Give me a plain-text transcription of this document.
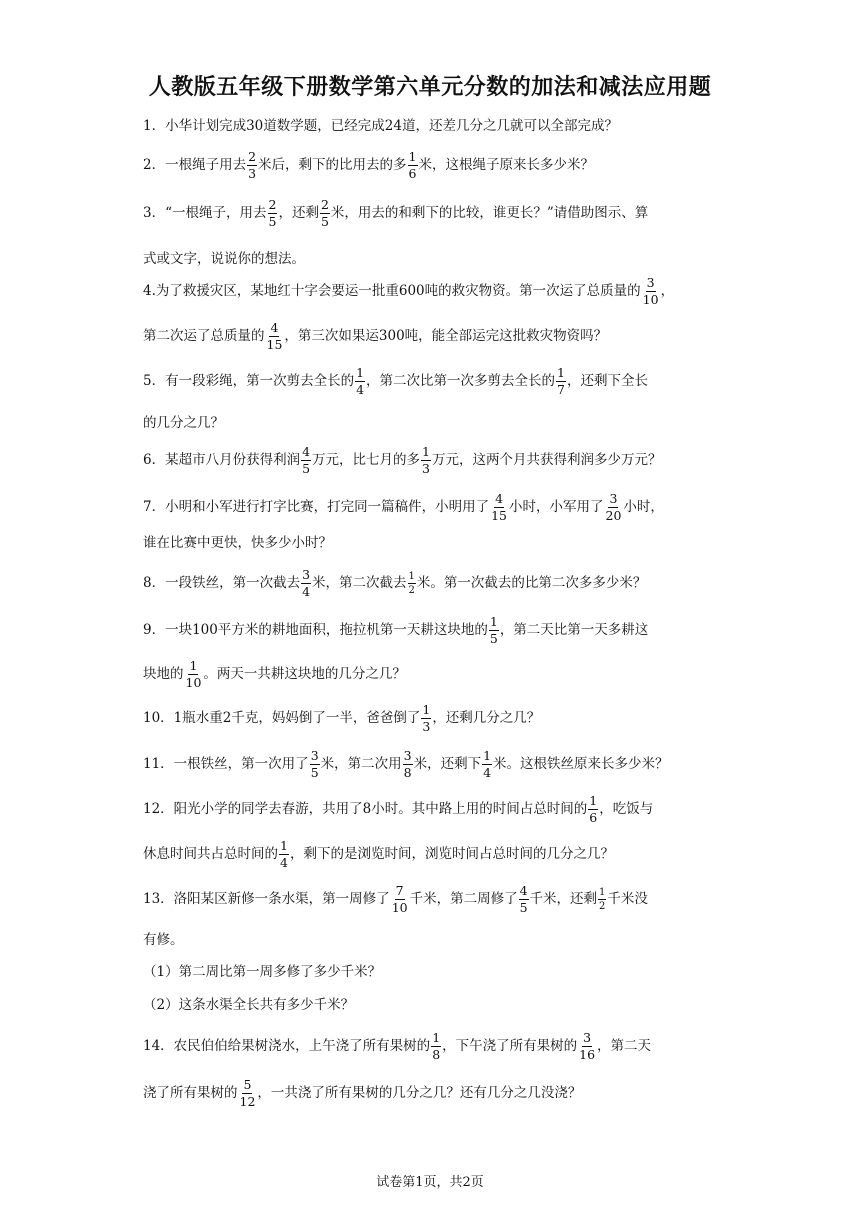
人教版五年级下册数学第六单元分数的加法和减法应用题
1．小华计划完成30道数学题，已经完成24道，还差几分之几就可以全部完成？
2．一根绳子用去 $\frac{2}{3}$ 米后，剩下的比用去的多 $\frac{1}{6}$ 米，这根绳子原来长多少米？
3．“一根绳子，用去 $\frac{2}{5}$ ，还剩 $\frac{2}{5}$ 米，用去的和剩下的比较，谁更长？”请借助图示、算
式或文字，说说你的想法。
4.为了救援灾区，某地红十字会要运一批重600吨的救灾物资。第一次运了总质量的 $\frac{3}{10}$ ，
第二次运了总质量的 $\frac{4}{15}$ ，第三次如果运300吨，能全部运完这批救灾物资吗？
5．有一段彩绳，第一次剪去全长的 $\frac{1}{4}$ ，第二次比第一次多剪去全长的 $\frac{1}{7}$ ，还剩下全长
的几分之几？
6．某超市八月份获得利润 $\frac{4}{5}$ 万元，比七月的多 $\frac{1}{3}$ 万元，这两个月共获得利润多少万元？
7．小明和小军进行打字比赛，打完同一篇稿件，小明用了 $\frac{4}{15}$ 小时，小军用了 $\frac{3}{20}$ 小时，
谁在比赛中更快，快多少小时？
8．一段铁丝，第一次截去 $\frac{3}{4}$ 米，第二次截去 $\frac{1}{2}$ 米。第一次截去的比第二次多多少米？
9．一块100平方米的耕地面积，拖拉机第一天耕这块地的 $\frac{1}{5}$ ，第二天比第一天多耕这
块地的 $\frac{1}{10}$ 。两天一共耕这块地的几分之几？
10．1瓶水重2千克，妈妈倒了一半，爸爸倒了 $\frac{1}{3}$ ，还剩几分之几？
11．一根铁丝，第一次用了 $\frac{3}{5}$ 米，第二次用 $\frac{3}{8}$ 米，还剩下 $\frac{1}{4}$ 米。这根铁丝原来长多少米？
12．阳光小学的同学去春游，共用了8小时。其中路上用的时间占总时间的 $\frac{1}{6}$ ，吃饭与
休息时间共占总时间的 $\frac{1}{4}$ ，剩下的是浏览时间，浏览时间占总时间的几分之几？
13．洛阳某区新修一条水渠，第一周修了 $\frac{7}{10}$ 千米，第二周修了 $\frac{4}{5}$ 千米，还剩 $\frac{1}{2}$ 千米没
有修。
（1）第二周比第一周多修了多少千米？
（2）这条水渠全长共有多少千米？
14．农民伯伯给果树浇水，上午浇了所有果树的 $\frac{1}{8}$ ，下午浇了所有果树的 $\frac{3}{16}$ ，第二天
浇了所有果树的 $\frac{5}{12}$ ，一共浇了所有果树的几分之几？还有几分之几没浇？
试卷第1页，共2页
